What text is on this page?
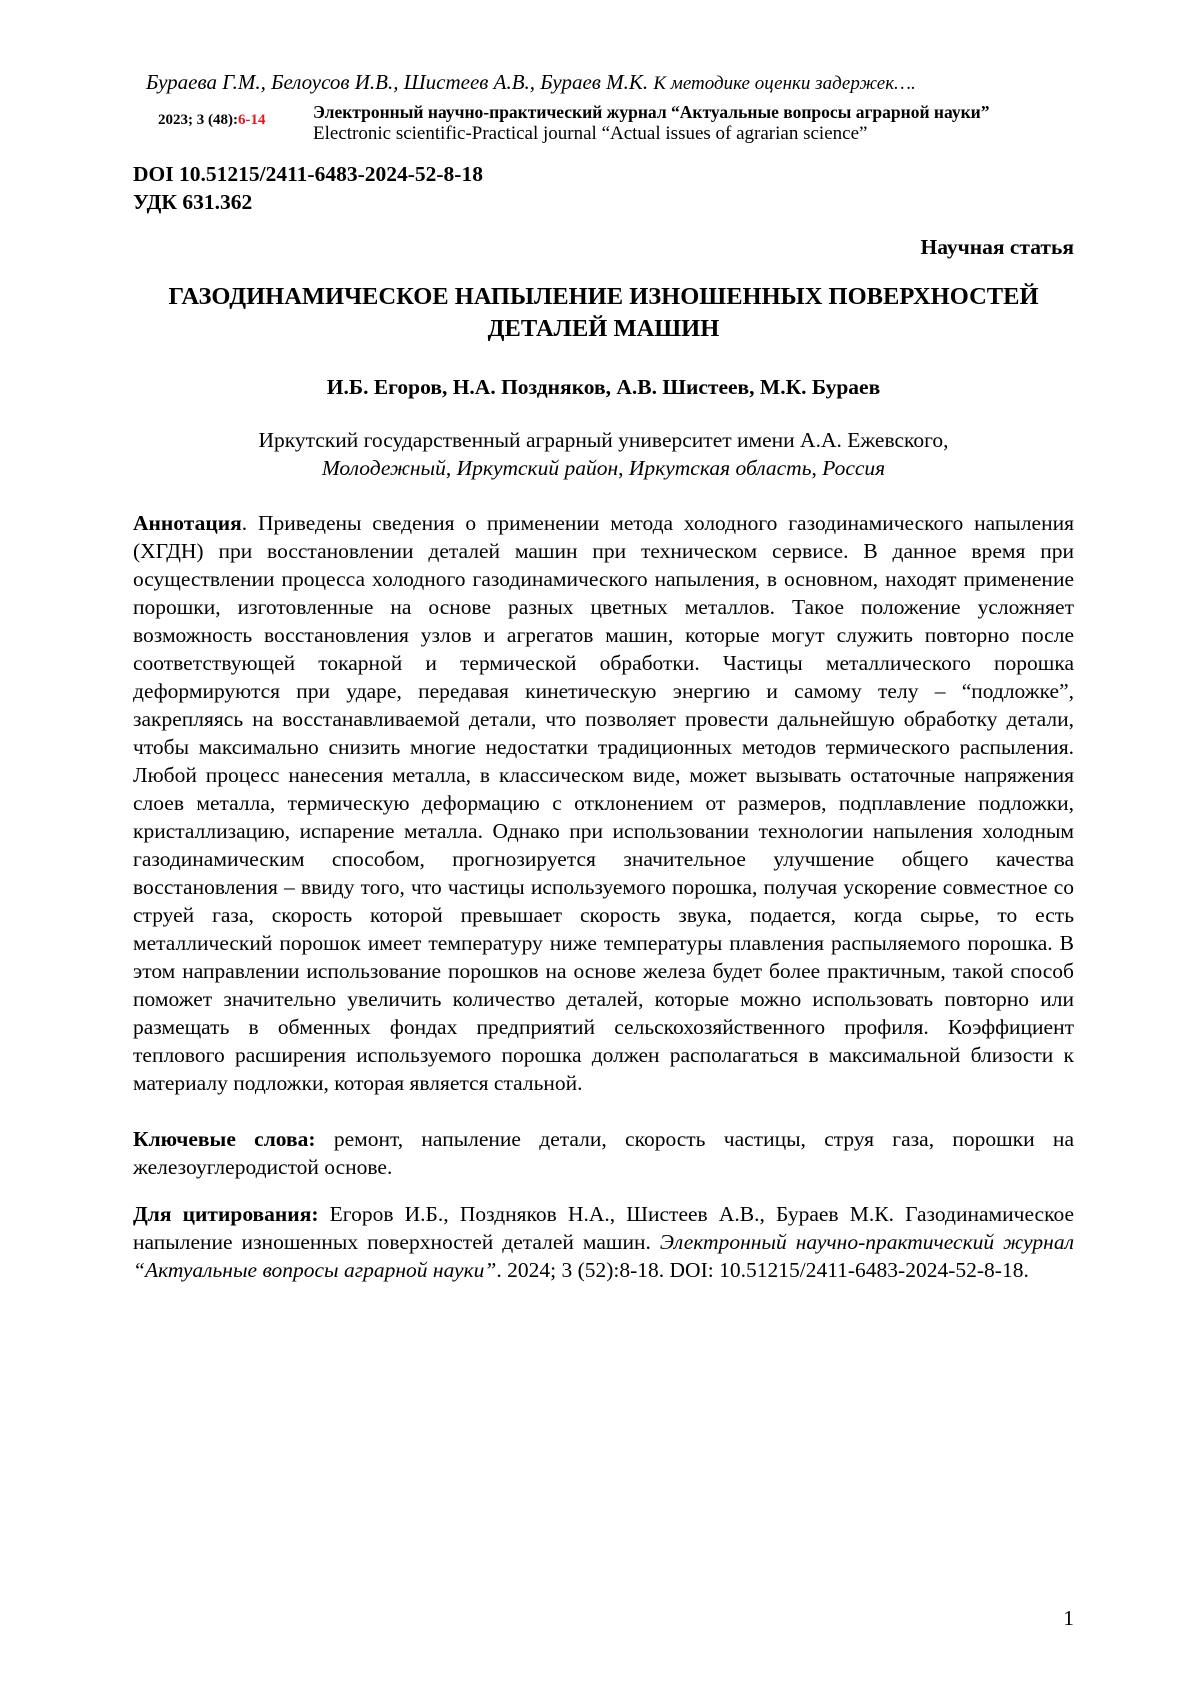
Бураева Г.М., Белоусов И.В., Шистеев А.В., Бураев М.К. К методике оценки задержек….
2023; 3 (48):6-14	Электронный научно-практический журнал “Актуальные вопросы аграрной науки”
Electronic scientific-Practical journal “Actual issues of agrarian science”
DOI 10.51215/2411-6483-2024-52-8-18
УДК 631.362
Научная статья
ГАЗОДИНАМИЧЕСКОЕ НАПЫЛЕНИЕ ИЗНОШЕННЫХ ПОВЕРХНОСТЕЙ ДЕТАЛЕЙ МАШИН
И.Б. Егоров, Н.А. Поздняков, А.В. Шистеев, М.К. Бураев
Иркутский государственный аграрный университет имени А.А. Ежевского,
Молодежный, Иркутский район, Иркутская область, Россия

Аннотация. Приведены сведения о применении метода холодного газодинамического напыления (ХГДН) при восстановлении деталей машин при техническом сервисе. В данное время при осуществлении процесса холодного газодинамического напыления, в основном, находят применение порошки, изготовленные на основе разных цветных металлов. Такое положение усложняет возможность восстановления узлов и агрегатов машин, которые могут служить повторно после соответствующей токарной и термической обработки. Частицы металлического порошка деформируются при ударе, передавая кинетическую энергию и самому телу – “подложке”, закрепляясь на восстанавливаемой детали, что позволяет провести дальнейшую обработку детали, чтобы максимально снизить многие недостатки традиционных методов термического распыления. Любой процесс нанесения металла, в классическом виде, может вызывать остаточные напряжения слоев металла, термическую деформацию с отклонением от размеров, подплавление подложки, кристаллизацию, испарение металла. Однако при использовании технологии напыления холодным газодинамическим способом, прогнозируется значительное улучшение общего качества восстановления – ввиду того, что частицы используемого порошка, получая ускорение совместное со струей газа, скорость которой превышает скорость звука, подается, когда сырье, то есть металлический порошок имеет температуру ниже температуры плавления распыляемого порошка. В этом направлении использование порошков на основе железа будет более практичным, такой способ поможет значительно увеличить количество деталей, которые можно использовать повторно или размещать в обменных фондах предприятий сельскохозяйственного профиля. Коэффициент теплового расширения используемого порошка должен располагаться в максимальной близости к материалу подложки, которая является стальной.

Ключевые слова: ремонт, напыление детали, скорость частицы, струя газа, порошки на железоуглеродистой основе.

Для цитирования: Егоров И.Б., Поздняков Н.А., Шистеев А.В., Бураев М.К. Газодинамическое напыление изношенных поверхностей деталей машин. Электронный научно-практический журнал “Актуальные вопросы аграрной науки”. 2024; 3 (52):8-18. DOI: 10.51215/2411-6483-2024-52-8-18.

1
